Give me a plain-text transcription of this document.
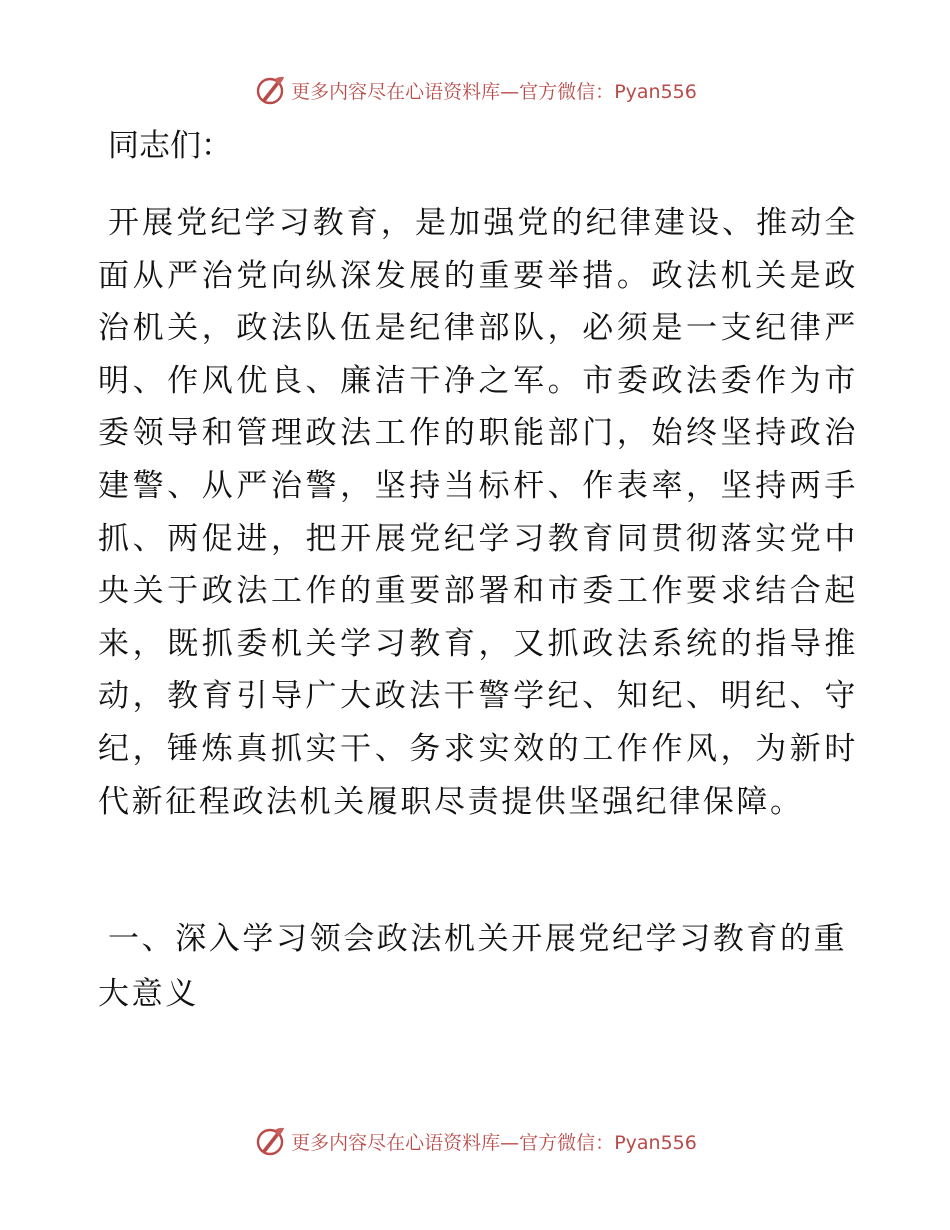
更多内容尽在心语资料库—官方微信：Pyan556
同志们：
开展党纪学习教育，是加强党的纪律建设、推动全面从严治党向纵深发展的重要举措。政法机关是政治机关，政法队伍是纪律部队，必须是一支纪律严明、作风优良、廉洁干净之军。市委政法委作为市委领导和管理政法工作的职能部门，始终坚持政治建警、从严治警，坚持当标杆、作表率，坚持两手抓、两促进，把开展党纪学习教育同贯彻落实党中央关于政法工作的重要部署和市委工作要求结合起来，既抓委机关学习教育，又抓政法系统的指导推动，教育引导广大政法干警学纪、知纪、明纪、守纪，锤炼真抓实干、务求实效的工作作风，为新时代新征程政法机关履职尽责提供坚强纪律保障。
一、深入学习领会政法机关开展党纪学习教育的重大意义
更多内容尽在心语资料库—官方微信：Pyan556
